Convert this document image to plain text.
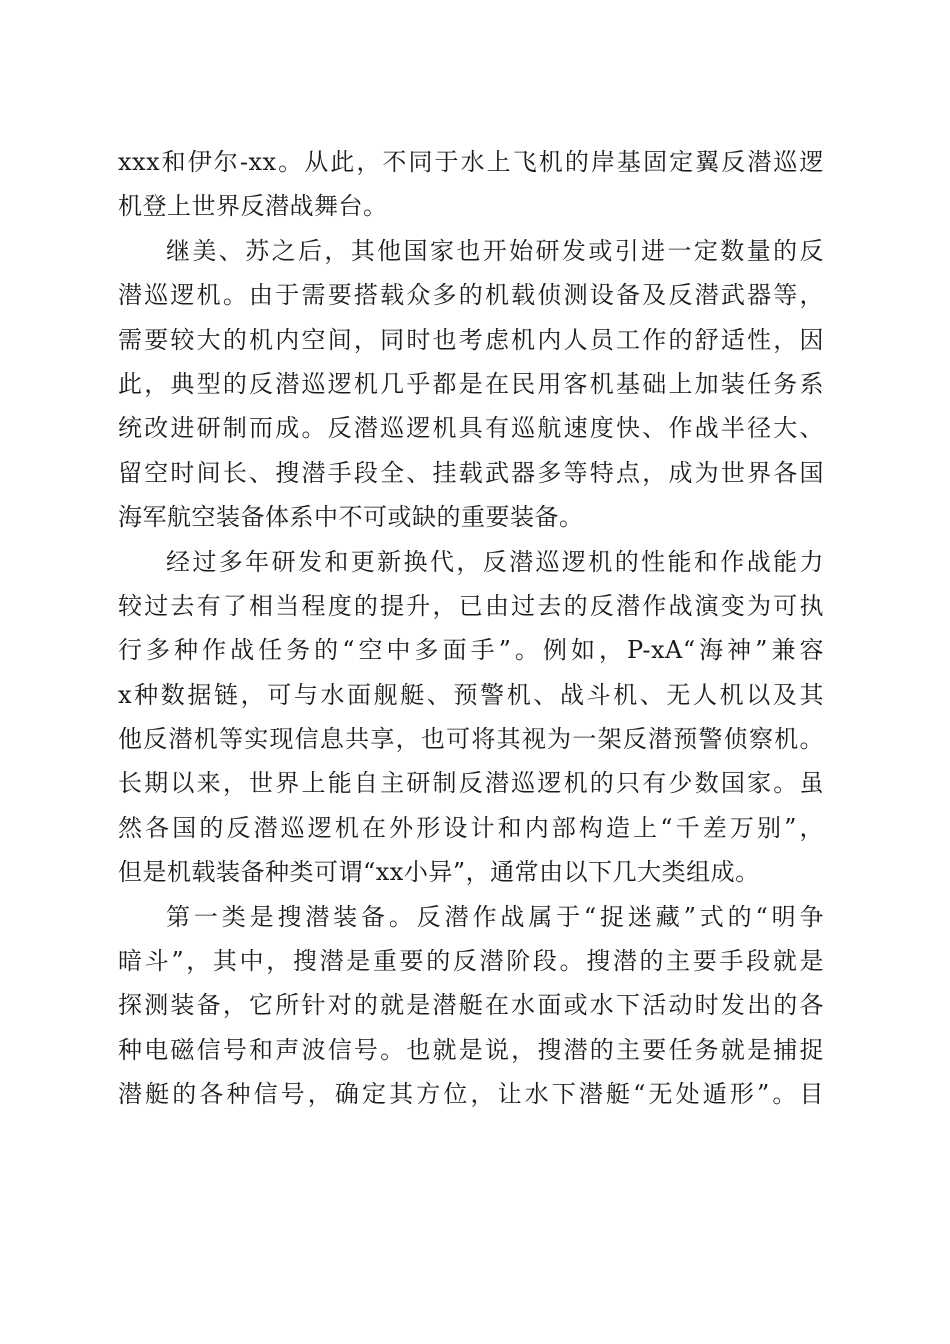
xxx和伊尔-xx。从此，不同于水上飞机的岸基固定翼反潜巡逻
机登上世界反潜战舞台。
继美、苏之后，其他国家也开始研发或引进一定数量的反
潜巡逻机。由于需要搭载众多的机载侦测设备及反潜武器等，
需要较大的机内空间，同时也考虑机内人员工作的舒适性，因
此，典型的反潜巡逻机几乎都是在民用客机基础上加装任务系
统改进研制而成。反潜巡逻机具有巡航速度快、作战半径大、
留空时间长、搜潜手段全、挂载武器多等特点，成为世界各国
海军航空装备体系中不可或缺的重要装备。
经过多年研发和更新换代，反潜巡逻机的性能和作战能力
较过去有了相当程度的提升，已由过去的反潜作战演变为可执
行多种作战任务的“空中多面手”。例如，P-xA“海神”兼容
x种数据链，可与水面舰艇、预警机、战斗机、无人机以及其
他反潜机等实现信息共享，也可将其视为一架反潜预警侦察机。
长期以来，世界上能自主研制反潜巡逻机的只有少数国家。虽
然各国的反潜巡逻机在外形设计和内部构造上“千差万别”，
但是机载装备种类可谓“xx小异”，通常由以下几大类组成。
第一类是搜潜装备。反潜作战属于“捉迷藏”式的“明争
暗斗”，其中，搜潜是重要的反潜阶段。搜潜的主要手段就是
探测装备，它所针对的就是潜艇在水面或水下活动时发出的各
种电磁信号和声波信号。也就是说，搜潜的主要任务就是捕捉
潜艇的各种信号，确定其方位，让水下潜艇“无处遁形”。目
